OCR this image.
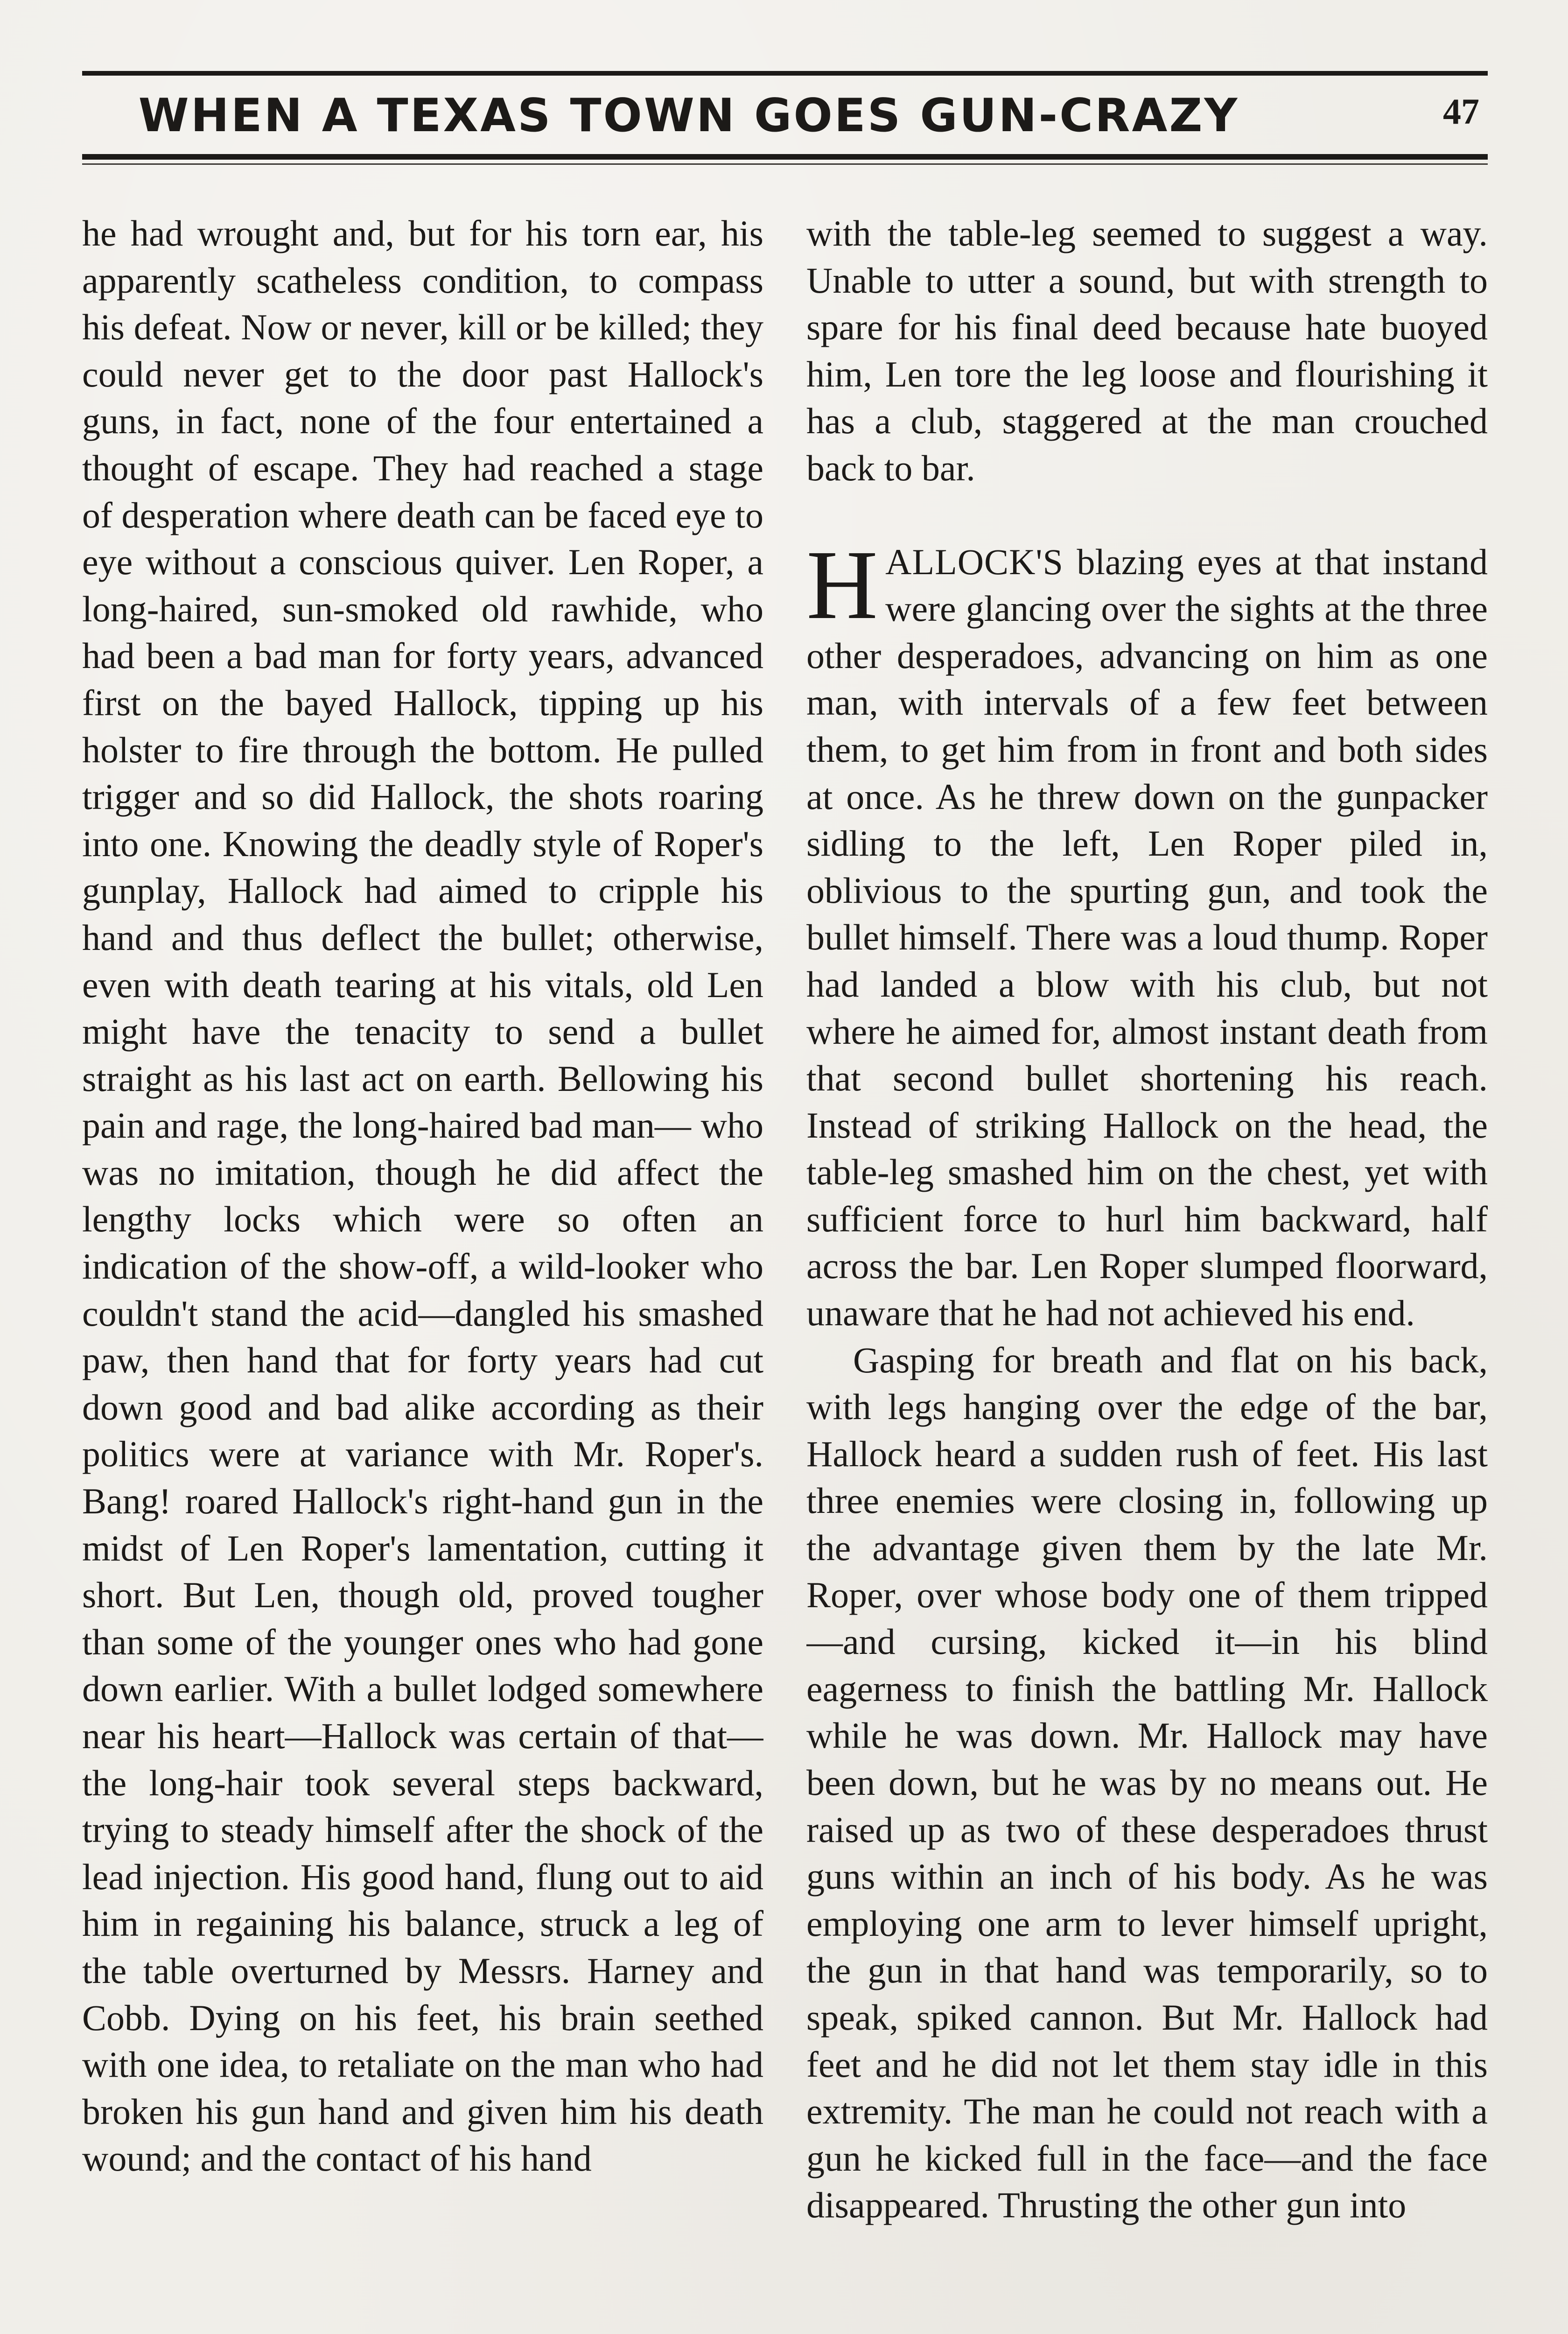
WHEN A TEXAS TOWN GOES GUN-CRAZY	47

he had wrought and, but for his torn ear, his apparently scatheless condition, to compass his defeat. Now or never, kill or be killed; they could never get to the door past Hallock's guns, in fact, none of the four entertained a thought of escape. They had reached a stage of desperation where death can be faced eye to eye without a conscious quiver. Len Roper, a long-haired, sun-smoked old rawhide, who had been a bad man for forty years, advanced first on the bayed Hallock, tipping up his holster to fire through the bottom. He pulled trigger and so did Hallock, the shots roaring into one. Knowing the deadly style of Roper's gunplay, Hallock had aimed to cripple his hand and thus deflect the bullet; otherwise, even with death tearing at his vitals, old Len might have the tenacity to send a bullet straight as his last act on earth. Bellowing his pain and rage, the long-haired bad man— who was no imitation, though he did affect the lengthy locks which were so often an indication of the show-off, a wild-looker who couldn't stand the acid—dangled his smashed paw, then hand that for forty years had cut down good and bad alike according as their politics were at variance with Mr. Roper's. Bang! roared Hallock's right-hand gun in the midst of Len Roper's lamentation, cutting it short. But Len, though old, proved tougher than some of the younger ones who had gone down earlier. With a bullet lodged somewhere near his heart—Hallock was certain of that—the long-hair took several steps backward, trying to steady himself after the shock of the lead injection. His good hand, flung out to aid him in regaining his balance, struck a leg of the table overturned by Messrs. Harney and Cobb. Dying on his feet, his brain seethed with one idea, to retaliate on the man who had broken his gun hand and given him his death wound; and the contact of his hand

with the table-leg seemed to suggest a way. Unable to utter a sound, but with strength to spare for his final deed because hate buoyed him, Len tore the leg loose and flourishing it has a club, staggered at the man crouched back to bar.

HALLOCK'S blazing eyes at that instand were glancing over the sights at the three other desperadoes, advancing on him as one man, with intervals of a few feet between them, to get him from in front and both sides at once. As he threw down on the gunpacker sidling to the left, Len Roper piled in, oblivious to the spurting gun, and took the bullet himself. There was a loud thump. Roper had landed a blow with his club, but not where he aimed for, almost instant death from that second bullet shortening his reach. Instead of striking Hallock on the head, the table-leg smashed him on the chest, yet with sufficient force to hurl him backward, half across the bar. Len Roper slumped floorward, unaware that he had not achieved his end.

Gasping for breath and flat on his back, with legs hanging over the edge of the bar, Hallock heard a sudden rush of feet. His last three enemies were closing in, following up the advantage given them by the late Mr. Roper, over whose body one of them tripped—and cursing, kicked it—in his blind eagerness to finish the battling Mr. Hallock while he was down. Mr. Hallock may have been down, but he was by no means out. He raised up as two of these desperadoes thrust guns within an inch of his body. As he was employing one arm to lever himself upright, the gun in that hand was temporarily, so to speak, spiked cannon. But Mr. Hallock had feet and he did not let them stay idle in this extremity. The man he could not reach with a gun he kicked full in the face—and the face disappeared. Thrusting the other gun into
